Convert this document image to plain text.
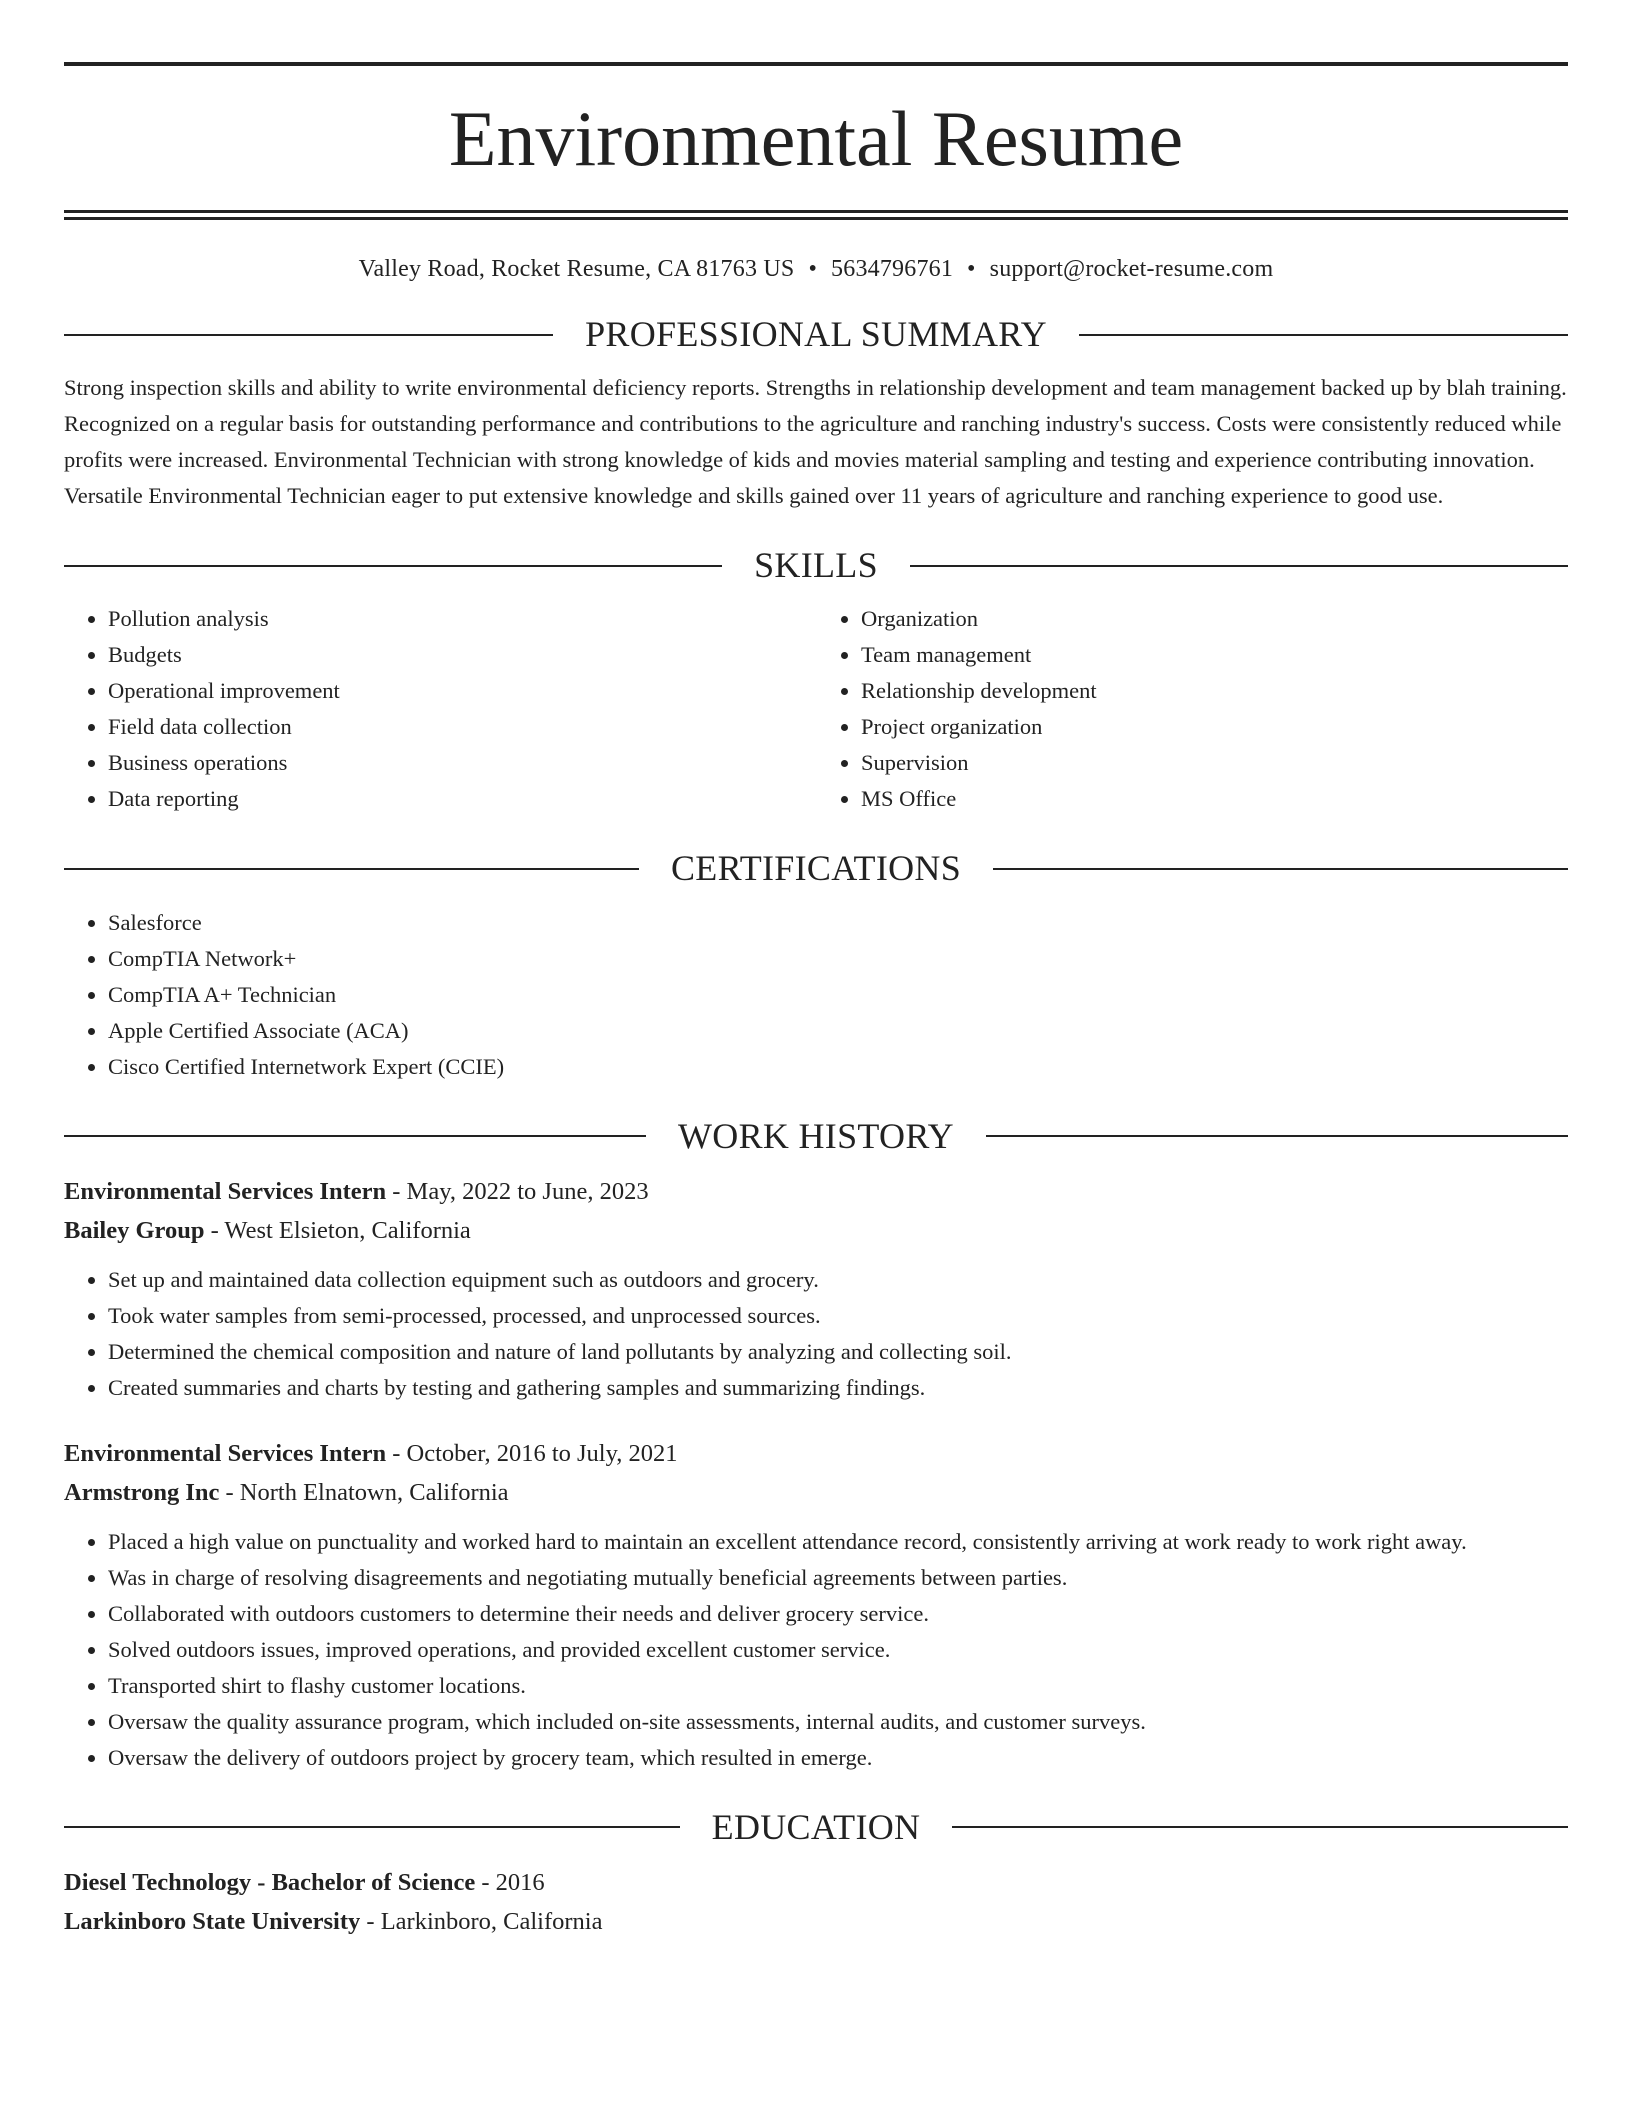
Environmental Resume
Valley Road, Rocket Resume, CA 81763 US • 5634796761 • support@rocket-resume.com
PROFESSIONAL SUMMARY
Strong inspection skills and ability to write environmental deficiency reports. Strengths in relationship development and team management backed up by blah training. Recognized on a regular basis for outstanding performance and contributions to the agriculture and ranching industry's success. Costs were consistently reduced while profits were increased. Environmental Technician with strong knowledge of kids and movies material sampling and testing and experience contributing innovation. Versatile Environmental Technician eager to put extensive knowledge and skills gained over 11 years of agriculture and ranching experience to good use.
SKILLS
• Pollution analysis
• Budgets
• Operational improvement
• Field data collection
• Business operations
• Data reporting
• Organization
• Team management
• Relationship development
• Project organization
• Supervision
• MS Office
CERTIFICATIONS
• Salesforce
• CompTIA Network+
• CompTIA A+ Technician
• Apple Certified Associate (ACA)
• Cisco Certified Internetwork Expert (CCIE)
WORK HISTORY
Environmental Services Intern - May, 2022 to June, 2023
Bailey Group - West Elsieton, California
• Set up and maintained data collection equipment such as outdoors and grocery.
• Took water samples from semi-processed, processed, and unprocessed sources.
• Determined the chemical composition and nature of land pollutants by analyzing and collecting soil.
• Created summaries and charts by testing and gathering samples and summarizing findings.
Environmental Services Intern - October, 2016 to July, 2021
Armstrong Inc - North Elnatown, California
• Placed a high value on punctuality and worked hard to maintain an excellent attendance record, consistently arriving at work ready to work right away.
• Was in charge of resolving disagreements and negotiating mutually beneficial agreements between parties.
• Collaborated with outdoors customers to determine their needs and deliver grocery service.
• Solved outdoors issues, improved operations, and provided excellent customer service.
• Transported shirt to flashy customer locations.
• Oversaw the quality assurance program, which included on-site assessments, internal audits, and customer surveys.
• Oversaw the delivery of outdoors project by grocery team, which resulted in emerge.
EDUCATION
Diesel Technology - Bachelor of Science - 2016
Larkinboro State University - Larkinboro, California
